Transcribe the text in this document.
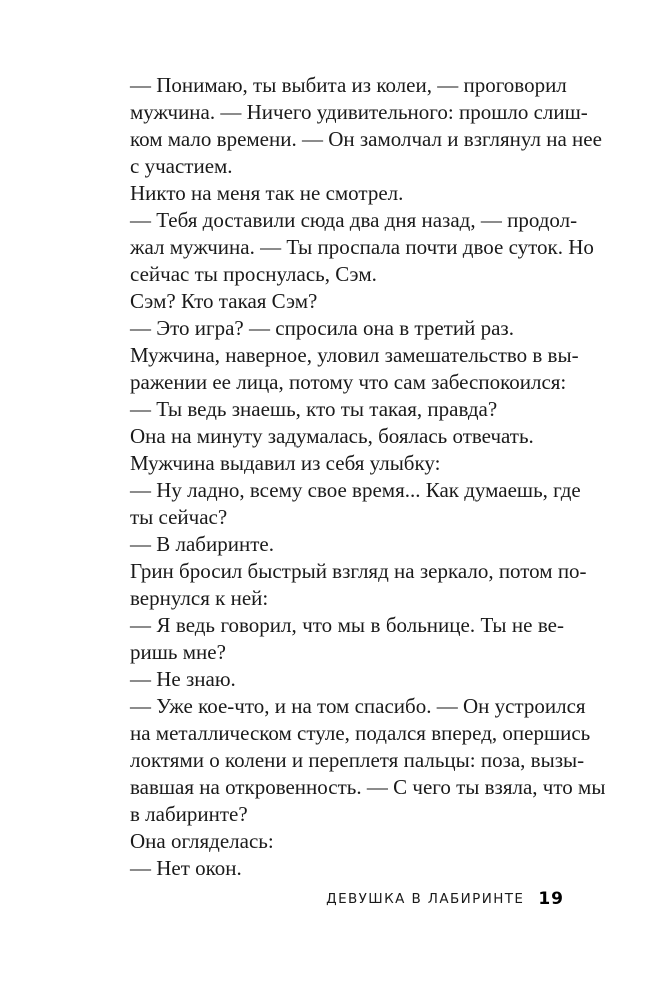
— Понимаю, ты выбита из колеи, — проговорил
мужчина. — Ничего удивительного: прошло слиш-
ком мало времени. — Он замолчал и взглянул на нее
с участием.

Никто на меня так не смотрел.

— Тебя доставили сюда два дня назад, — продол-
жал мужчина. — Ты проспала почти двое суток. Но
сейчас ты проснулась, Сэм.

Сэм? Кто такая Сэм?

— Это игра? — спросила она в третий раз.

Мужчина, наверное, уловил замешательство в вы-
ражении ее лица, потому что сам забеспокоился:

— Ты ведь знаешь, кто ты такая, правда?

Она на минуту задумалась, боялась отвечать.

Мужчина выдавил из себя улыбку:

— Ну ладно, всему свое время... Как думаешь, где
ты сейчас?

— В лабиринте.

Грин бросил быстрый взгляд на зеркало, потом по-
вернулся к ней:

— Я ведь говорил, что мы в больнице. Ты не ве-
ришь мне?

— Не знаю.

— Уже кое-что, и на том спасибо. — Он устроился
на металлическом стуле, подался вперед, опершись
локтями о колени и переплетя пальцы: поза, вызы-
вавшая на откровенность. — С чего ты взяла, что мы
в лабиринте?

Она огляделась:

— Нет окон.

ДЕВУШКА В ЛАБИРИНТЕ 19
